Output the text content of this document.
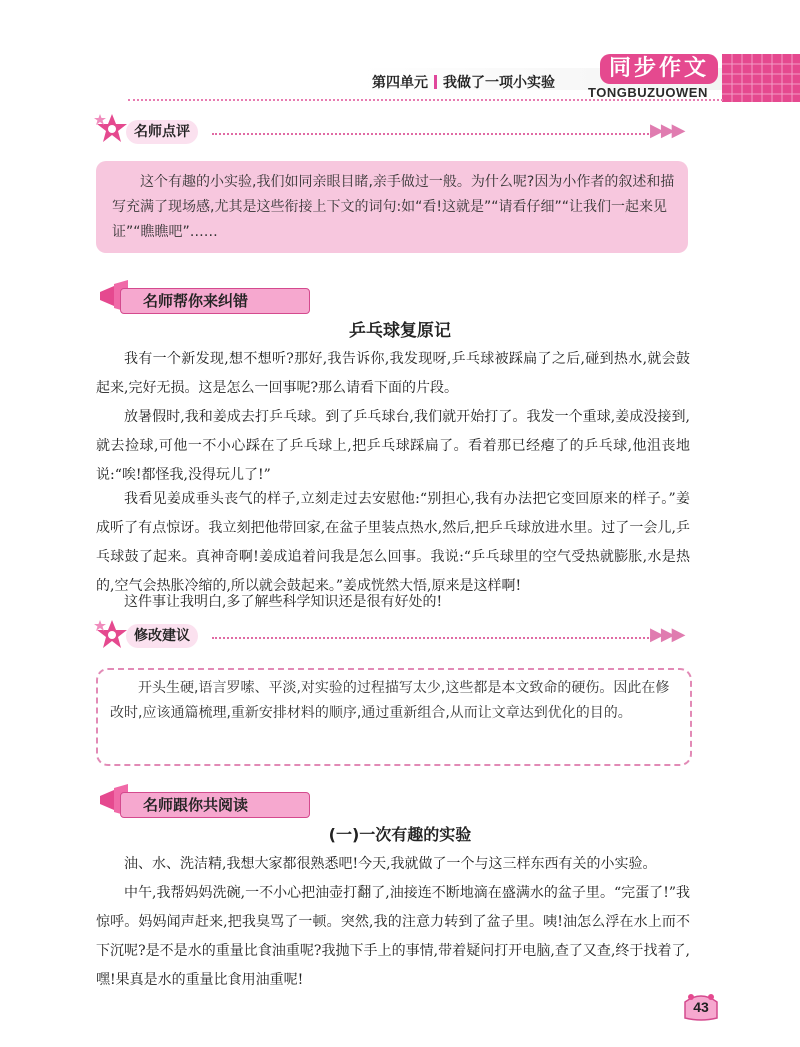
第四单元 我做了一项小实验
同步作文
TONGBUZUOWEN
名师点评	▶▶▶
这个有趣的小实验,我们如同亲眼目睹,亲手做过一般。为什么呢?因为小作者的叙述和描写充满了现场感,尤其是这些衔接上下文的词句:如“看!这就是”“请看仔细”“让我们一起来见证”“瞧瞧吧”……
名师帮你来纠错
乒乓球复原记
我有一个新发现,想不想听?那好,我告诉你,我发现呀,乒乓球被踩扁了之后,碰到热水,就会鼓起来,完好无损。这是怎么一回事呢?那么请看下面的片段。
放暑假时,我和姜成去打乒乓球。到了乒乓球台,我们就开始打了。我发一个重球,姜成没接到,就去捡球,可他一不小心踩在了乒乓球上,把乒乓球踩扁了。看着那已经瘪了的乒乓球,他沮丧地说:“唉!都怪我,没得玩儿了!”
我看见姜成垂头丧气的样子,立刻走过去安慰他:“别担心,我有办法把它变回原来的样子。”姜成听了有点惊讶。我立刻把他带回家,在盆子里装点热水,然后,把乒乓球放进水里。过了一会儿,乒乓球鼓了起来。真神奇啊!姜成追着问我是怎么回事。我说:“乒乓球里的空气受热就膨胀,水是热的,空气会热胀冷缩的,所以就会鼓起来。”姜成恍然大悟,原来是这样啊!
这件事让我明白,多了解些科学知识还是很有好处的!
修改建议	▶▶▶
开头生硬,语言罗嗦、平淡,对实验的过程描写太少,这些都是本文致命的硬伤。因此在修改时,应该通篇梳理,重新安排材料的顺序,通过重新组合,从而让文章达到优化的目的。
名师跟你共阅读
(一)一次有趣的实验
油、水、洗洁精,我想大家都很熟悉吧!今天,我就做了一个与这三样东西有关的小实验。
中午,我帮妈妈洗碗,一不小心把油壶打翻了,油接连不断地滴在盛满水的盆子里。“完蛋了!”我惊呼。妈妈闻声赶来,把我臭骂了一顿。突然,我的注意力转到了盆子里。咦!油怎么浮在水上而不下沉呢?是不是水的重量比食油重呢?我抛下手上的事情,带着疑问打开电脑,查了又查,终于找着了,嘿!果真是水的重量比食用油重呢!
43
